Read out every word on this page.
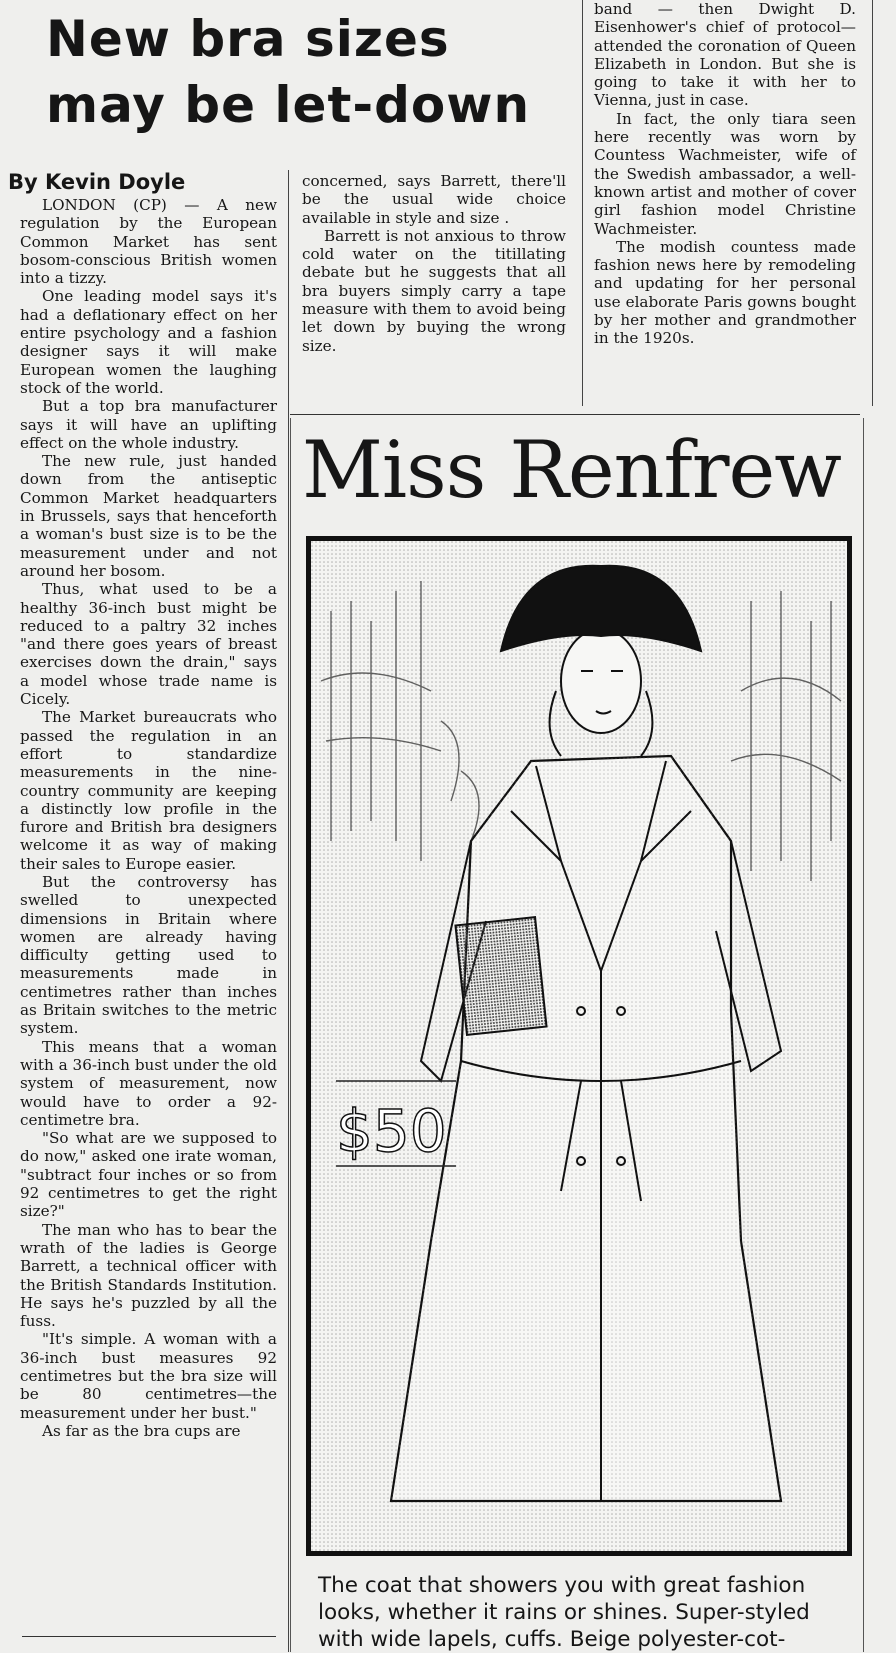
New bra sizes
may be let-down
By Kevin Doyle

LONDON (CP) — A new regulation by the European Common Market has sent bosom-conscious British women into a tizzy.

One leading model says it's had a deflationary effect on her entire psychology and a fashion designer says it will make European women the laughing stock of the world.

But a top bra manufacturer says it will have an uplifting effect on the whole industry.

The new rule, just handed down from the antiseptic Common Market headquarters in Brussels, says that henceforth a woman's bust size is to be the measurement under and not around her bosom.

Thus, what used to be a healthy 36-inch bust might be reduced to a paltry 32 inches "and there goes years of breast exercises down the drain," says a model whose trade name is Cicely.

The Market bureaucrats who passed the regulation in an effort to standardize measurements in the nine-country community are keeping a distinctly low profile in the furore and British bra designers welcome it as way of making their sales to Europe easier.

But the controversy has swelled to unexpected dimensions in Britain where women are already having difficulty getting used to measurements made in centimetres rather than inches as Britain switches to the metric system.

This means that a woman with a 36-inch bust under the old system of measurement, now would have to order a 92-centimetre bra.

"So what are we supposed to do now," asked one irate woman, "subtract four inches or so from 92 centimetres to get the right size?"

The man who has to bear the wrath of the ladies is George Barrett, a technical officer with the British Standards Institution. He says he's puzzled by all the fuss.

"It's simple. A woman with a 36-inch bust measures 92 centimetres but the bra size will be 80 centimetres—the measurement under her bust."

As far as the bra cups are

concerned, says Barrett, there'll be the usual wide choice available in style and size .

Barrett is not anxious to throw cold water on the titillating debate but he suggests that all bra buyers simply carry a tape measure with them to avoid being let down by buying the wrong size.

band — then Dwight D. Eisenhower's chief of protocol—attended the coronation of Queen Elizabeth in London. But she is going to take it with her to Vienna, just in case.

In fact, the only tiara seen here recently was worn by Countess Wachmeister, wife of the Swedish ambassador, a well-known artist and mother of cover girl fashion model Christine Wachmeister.

The modish countess made fashion news here by remodeling and updating for her personal use elaborate Paris gowns bought by her mother and grandmother in the 1920s.

Miss Renfrew
$50
The coat that showers you with great fashion looks, whether it rains or shines. Super-styled with wide lapels, cuffs. Beige polyester-cot-
